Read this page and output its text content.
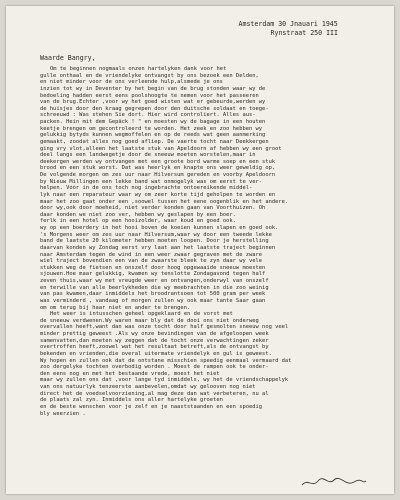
Amsterdam 30 Jnauari 1945
Rynstraat 250 III
Waarde Bangry,
Om te beginnen nogmaals onzen hartelyken dank voor het
gulle onthaal en de vriendelyke ontvangst by ons bezoek een Delden,
en niet minder voor de ons verleende hulp,alsmede je ons
inzien tot wy in Deventer by het begin van de brug stonden waar wy de
bedoeling hadden eerst eens poolshoogte te nemen voor het passeeren
van de brug.Echter ,voor wy het goed wisten wat er gebeurde,werden wy
de huisjes door den kraag gegrepen door den duitsche soldaat en toege-
schreeuwd : Was stehen Sie dort. Hier wird controliert. Alles aus-
packen. Hein mit dem Gepäck ! " en moesten wy de bagage in een houten
keetje brengen om gecontroleerd te worden. Het zeek en zoo hebben wy
gelukkig bytyds kunnen wegmoffelen en op de reeds wat geen aanmerking
gemaakt, zoodat alles nog goed afliep. De vaerte tocht naar Deekkergen
ging vry vlot,alleen het laatste stuk van Apeldoorn af hebben wy een groot
deel langs een landwegetje door de sneeuw moeten worstelen,maar in
deekergen werden wy ontvangen met een groote bord warme soep en een stuk
brood en een stuk worst. Dat was heerlyk en knapte ons weer geweldig op,
De volgende morgen om zes uur naar Hilversum gereden en voorby Apeldoorn
by Nieuw Millingen een lekke band wat onmogelyk was om eerst te ver-
helpen. Vóór in de ons toch nog ingebrachte ontoereikende middel-
lyk naar een reparateur waar wy om zeer korte tijd geholpen te worden en
maar het zoo gaat onder een ,soowel tussen het eene oogenblik en het andere.
door wy,ook door moeheid, niet verder konden gaan van Voorthuizen. Oh
daar konden we niet zoo ver, hebben wy geslapen by een boer.
ferlk in een hotel op een hooizolder, waar koud en goed ook.
wy op een boerdery in het hooi boven de koeien kunnen slapen en goed ook.
's Morgens weer om zes uur naar Hilversum,waar wy door een tweede lekke
band de laatste 20 kilometer hebben moeten loopen. Door je herstelling
daarvan konden wy Zondag eerst vry laat aan het laatste traject beginnen
naar Amsterdam tegen de wind in een weer zwaar gegraven met de zware
wiel traject bovendien een van de zwaarste bleek te zyn daar wy vele
stukken weg de fietsen en onszelf door hoog opgewaaide sneeuw moesten
sjouwen.Hoe maar gelukkig, kwamen wy tenslotte Zondagavond tegen half
zeven thuis,waar wy met vreugde weer en ontvangen,onderwyl van onszelf
en terwille van alle beerlykheden die wy meebrachten in die zoo weinig
van pas kwamen,daar inmiddels het broodrantsoen tot 500 gram per week
was verminderd , vandaag of morgen zullen wy ook maar tante Saar gaan
om om terug bij haar niet en ander te brengen.
Het weer is intusschen geheel opgeklaard en de vorst met
de sneeuw verdwenen.Wy waren maar bly dat de dooi ons niet onderweg
overvallen heeft,want dan was onze tocht door half gesmolten sneeuw nog veel
minder prettig geweest .Als wy onze bevindingen van de afgeloopen week
samenvatten,dan moeten wy zeggen dat de tocht onze verwachtingen zeker
overtroffen heeft,zoowel wat het resultaat betreft,als de ontvangst by
bekenden en vrienden,die overal uitermate vriendelyk en gul is geweest.
Wy hopen en zullen ook dat de ontstane misschien speedig eenmaal vermaard dat
zoo dergelyke tochten overbodig worden . Moest de rampen ook te onder-
den eens nog en met het bestaande vrede, moest het niet
maar wy zullen ons dat ,voor lange tyd inmiddels, wy het de vriendschappelyk
van ons natuurlyk tenzeerste aanbevelen,omdat wy gelooven nog niet
direct het de voedselvoorziening,al mag deze dan wat verbeteren, nu al
de plaats zal zyn. Inmiddels ons aller hartelyke groeten
en de beste wenschen voor je zelf en je naaststaanden en een spoedig
bly weerzien .
